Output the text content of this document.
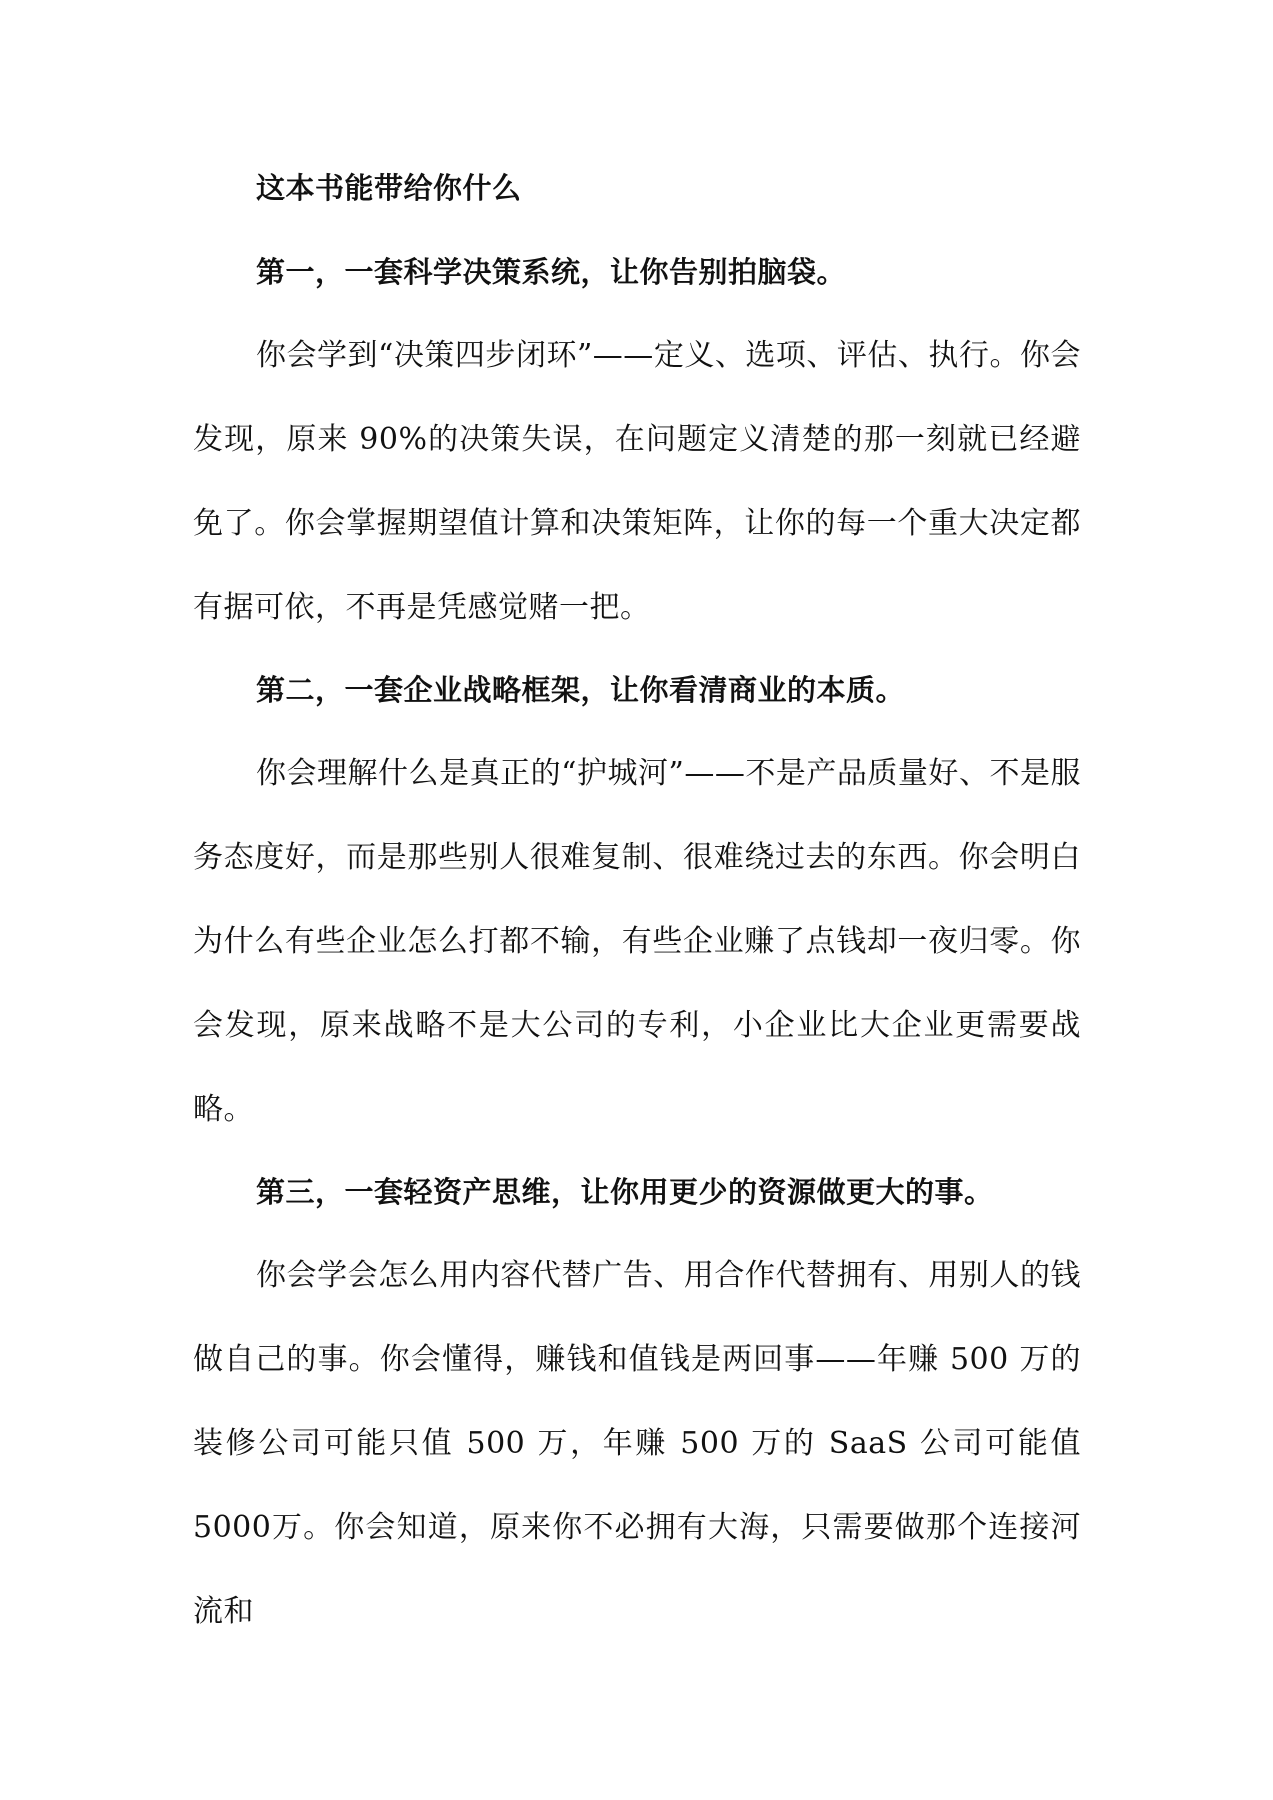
这本书能带给你什么
第一，一套科学决策系统，让你告别拍脑袋。

你会学到“决策四步闭环”——定义、选项、评估、执行。你会发现，原来 90%的决策失误，在问题定义清楚的那一刻就已经避免了。你会掌握期望值计算和决策矩阵，让你的每一个重大决定都有据可依，不再是凭感觉赌一把。

第二，一套企业战略框架，让你看清商业的本质。

你会理解什么是真正的“护城河”——不是产品质量好、不是服务态度好，而是那些别人很难复制、很难绕过去的东西。你会明白为什么有些企业怎么打都不输，有些企业赚了点钱却一夜归零。你会发现，原来战略不是大公司的专利，小企业比大企业更需要战略。

第三，一套轻资产思维，让你用更少的资源做更大的事。

你会学会怎么用内容代替广告、用合作代替拥有、用别人的钱做自己的事。你会懂得，赚钱和值钱是两回事——年赚 500 万的装修公司可能只值 500 万，年赚 500 万的 SaaS 公司可能值 5000万。你会知道，原来你不必拥有大海，只需要做那个连接河流和
